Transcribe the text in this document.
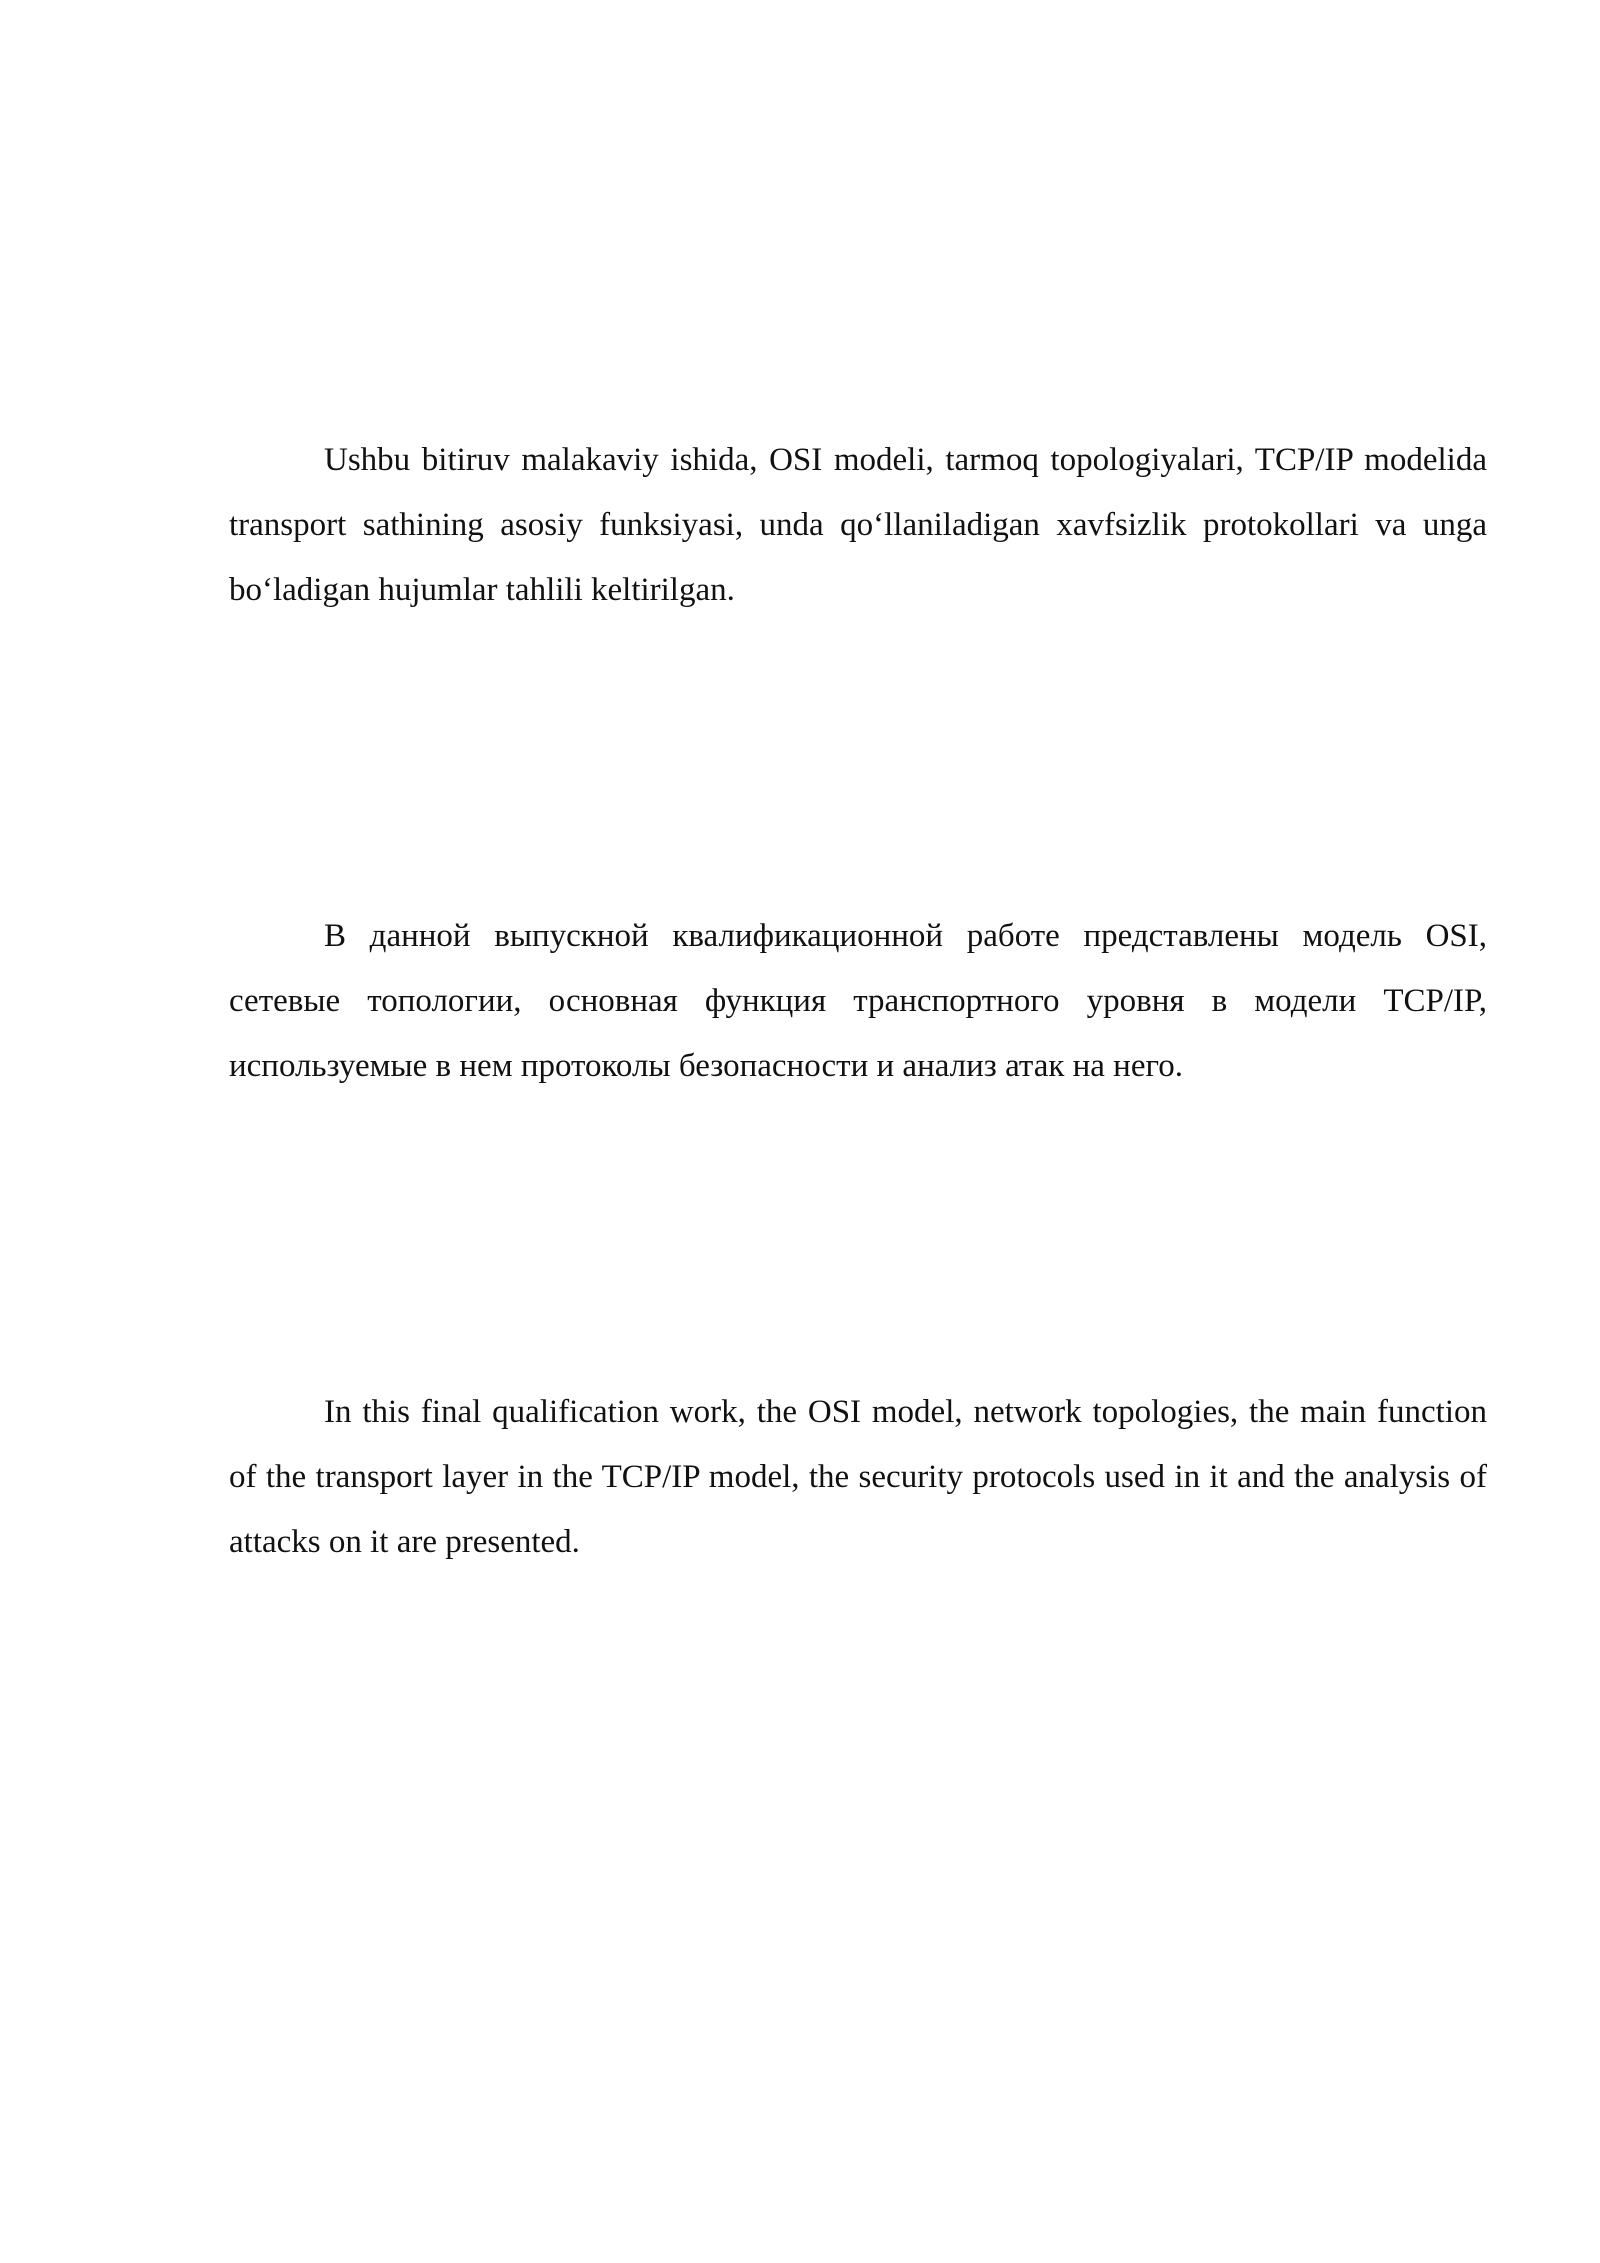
Ushbu bitiruv malakaviy ishida, OSI modeli, tarmoq topologiyalari, TCP/IP modelida transport sathining asosiy funksiyasi, unda qo‘llaniladigan xavfsizlik protokollari va unga bo‘ladigan hujumlar tahlili keltirilgan.

В данной выпускной квалификационной работе представлены модель OSI, сетевые топологии, основная функция транспортного уровня в модели TCP/IP, используемые в нем протоколы безопасности и анализ атак на него.

In this final qualification work, the OSI model, network topologies, the main function of the transport layer in the TCP/IP model, the security protocols used in it and the analysis of attacks on it are presented.
